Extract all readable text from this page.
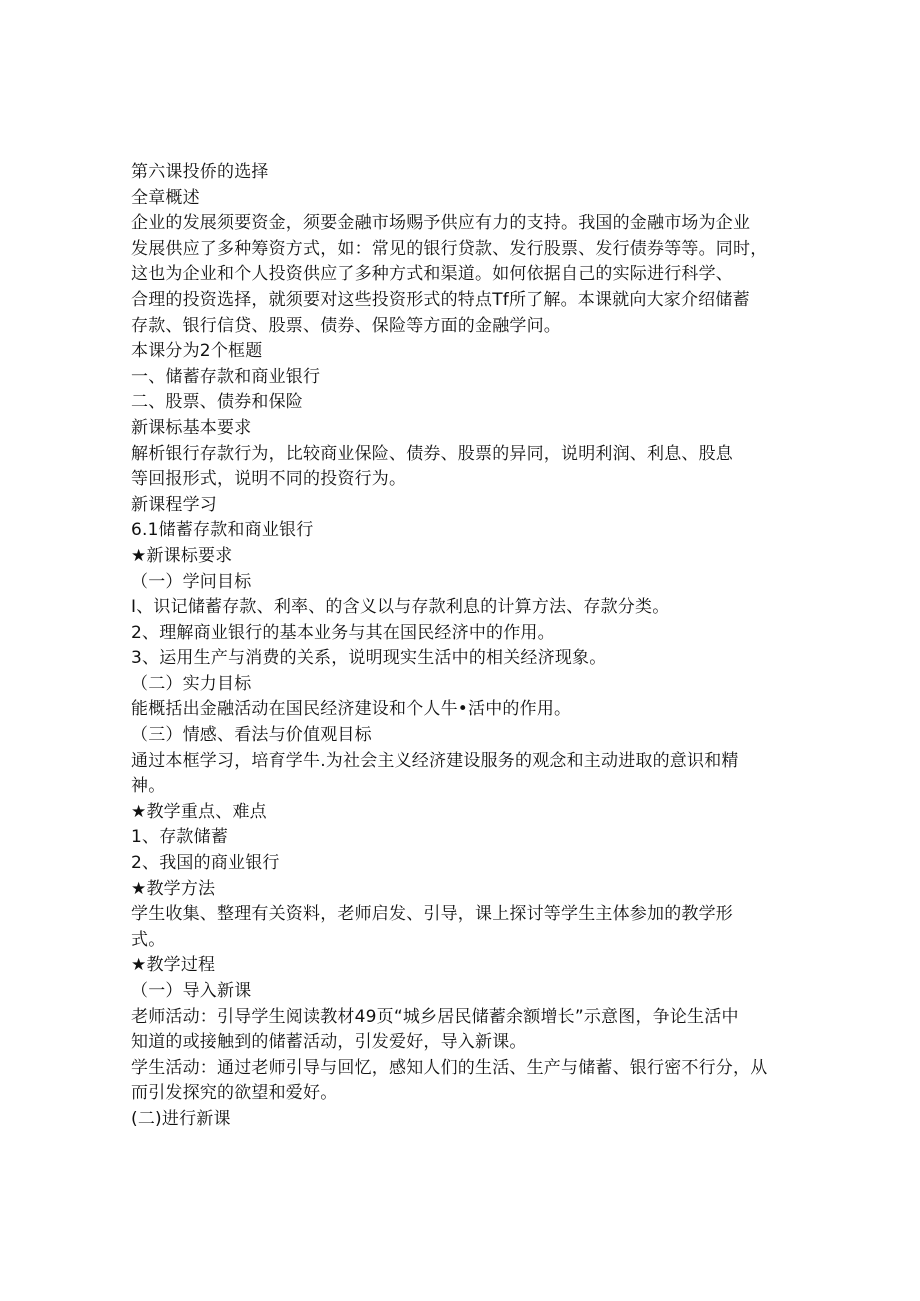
第六课投侨的选择
全章概述
企业的发展须要资金，须要金融市场赐予供应有力的支持。我国的金融市场为企业
发展供应了多种筹资方式，如：常见的银行贷款、发行股票、发行债券等等。同时，
这也为企业和个人投资供应了多种方式和渠道。如何依据自己的实际进行科学、
合理的投资选择，就须要对这些投资形式的特点Tf所了解。本课就向大家介绍储蓄
存款、银行信贷、股票、债券、保险等方面的金融学问。
本课分为2个框题
一、储蓄存款和商业银行
二、股票、债券和保险
新课标基本要求
解析银行存款行为，比较商业保险、债券、股票的异同，说明利润、利息、股息
等回报形式，说明不同的投资行为。
新课程学习
6.1储蓄存款和商业银行
★新课标要求
（一）学问目标
I、识记储蓄存款、利率、的含义以与存款利息的计算方法、存款分类。
2、理解商业银行的基本业务与其在国民经济中的作用。
3、运用生产与消费的关系，说明现实生活中的相关经济现象。
（二）实力目标
能概括出金融活动在国民经济建设和个人牛•活中的作用。
（三）情感、看法与价值观目标
通过本框学习，培育学牛.为社会主义经济建设服务的观念和主动进取的意识和精
神。
★教学重点、难点
1、存款储蓄
2、我国的商业银行
★教学方法
学生收集、整理有关资料，老师启发、引导，课上探讨等学生主体参加的教学形
式。
★教学过程
（一）导入新课
老师活动：引导学生阅读教材49页“城乡居民储蓄余额增长”示意图，争论生活中
知道的或接触到的储蓄活动，引发爱好，导入新课。
学生活动：通过老师引导与回忆，感知人们的生活、生产与储蓄、银行密不行分，从
而引发探究的欲望和爱好。
(二)进行新课
